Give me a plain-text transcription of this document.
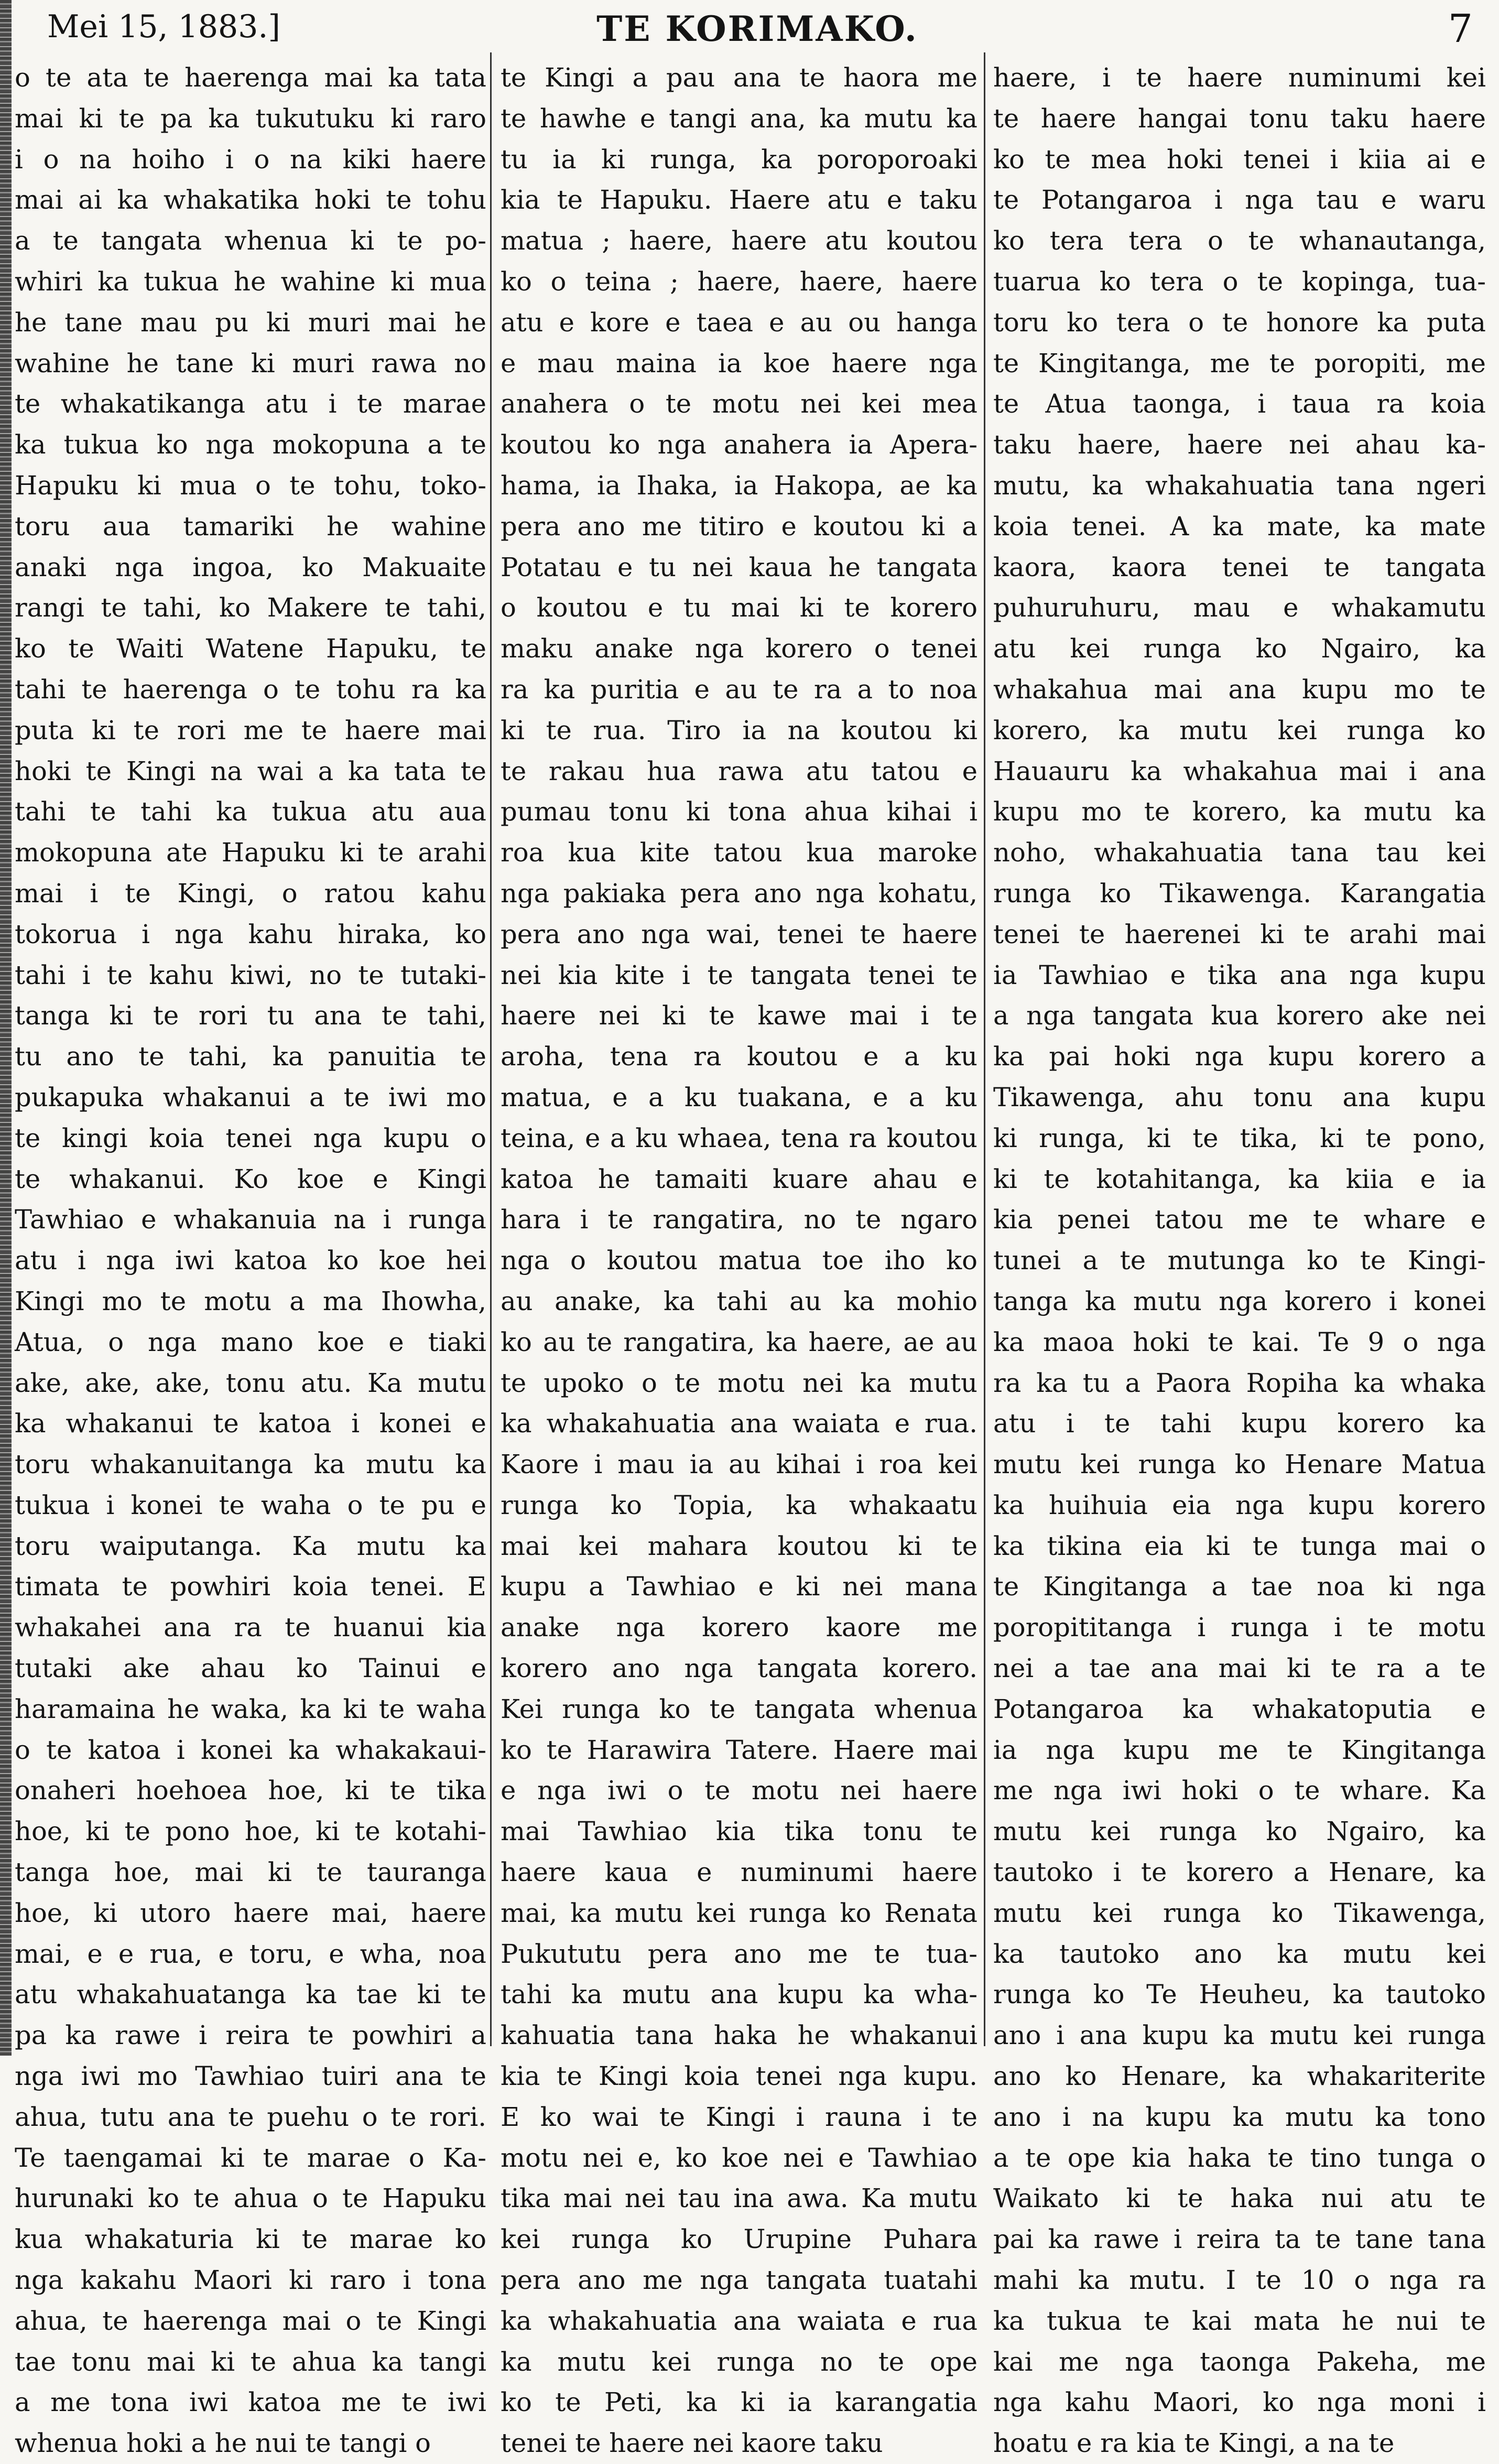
Mei 15, 1883.]	TE KORIMAKO.	7
o te ata te haerenga mai ka tata
mai ki te pa ka tukutuku ki raro
i o na hoiho i o na kiki haere
mai ai ka whakatika hoki te tohu
a te tangata whenua ki te po-
whiri ka tukua he wahine ki mua
he tane mau pu ki muri mai he
wahine he tane ki muri rawa no
te whakatikanga atu i te marae
ka tukua ko nga mokopuna a te
Hapuku ki mua o te tohu, toko-
toru aua tamariki he wahine
anaki nga ingoa, ko Makuaite
rangi te tahi, ko Makere te tahi,
ko te Waiti Watene Hapuku, te
tahi te haerenga o te tohu ra ka
puta ki te rori me te haere mai
hoki te Kingi na wai a ka tata te
tahi te tahi ka tukua atu aua
mokopuna ate Hapuku ki te arahi
mai i te Kingi, o ratou kahu
tokorua i nga kahu hiraka, ko
tahi i te kahu kiwi, no te tutaki-
tanga ki te rori tu ana te tahi,
tu ano te tahi, ka panuitia te
pukapuka whakanui a te iwi mo
te kingi koia tenei nga kupu o
te whakanui. Ko koe e Kingi
Tawhiao e whakanuia na i runga
atu i nga iwi katoa ko koe hei
Kingi mo te motu a ma Ihowha,
Atua, o nga mano koe e tiaki
ake, ake, ake, tonu atu. Ka mutu
ka whakanui te katoa i konei e
toru whakanuitanga ka mutu ka
tukua i konei te waha o te pu e
toru waiputanga. Ka mutu ka
timata te powhiri koia tenei. E
whakahei ana ra te huanui kia
tutaki ake ahau ko Tainui e
haramaina he waka, ka ki te waha
o te katoa i konei ka whakakaui-
onaheri hoehoea hoe, ki te tika
hoe, ki te pono hoe, ki te kotahi-
tanga hoe, mai ki te tauranga
hoe, ki utoro haere mai, haere
mai, e e rua, e toru, e wha, noa
atu whakahuatanga ka tae ki te
pa ka rawe i reira te powhiri a
nga iwi mo Tawhiao tuiri ana te
ahua, tutu ana te puehu o te rori.
Te taengamai ki te marae o Ka-
hurunaki ko te ahua o te Hapuku
kua whakaturia ki te marae ko
nga kakahu Maori ki raro i tona
ahua, te haerenga mai o te Kingi
tae tonu mai ki te ahua ka tangi
a me tona iwi katoa me te iwi
whenua hoki a he nui te tangi o
te Kingi a pau ana te haora me
te hawhe e tangi ana, ka mutu ka
tu ia ki runga, ka poroporoaki
kia te Hapuku. Haere atu e taku
matua ; haere, haere atu koutou
ko o teina ; haere, haere, haere
atu e kore e taea e au ou hanga
e mau maina ia koe haere nga
anahera o te motu nei kei mea
koutou ko nga anahera ia Apera-
hama, ia Ihaka, ia Hakopa, ae ka
pera ano me titiro e koutou ki a
Potatau e tu nei kaua he tangata
o koutou e tu mai ki te korero
maku anake nga korero o tenei
ra ka puritia e au te ra a to noa
ki te rua. Tiro ia na koutou ki
te rakau hua rawa atu tatou e
pumau tonu ki tona ahua kihai i
roa kua kite tatou kua maroke
nga pakiaka pera ano nga kohatu,
pera ano nga wai, tenei te haere
nei kia kite i te tangata tenei te
haere nei ki te kawe mai i te
aroha, tena ra koutou e a ku
matua, e a ku tuakana, e a ku
teina, e a ku whaea, tena ra koutou
katoa he tamaiti kuare ahau e
hara i te rangatira, no te ngaro
nga o koutou matua toe iho ko
au anake, ka tahi au ka mohio
ko au te rangatira, ka haere, ae au
te upoko o te motu nei ka mutu
ka whakahuatia ana waiata e rua.
Kaore i mau ia au kihai i roa kei
runga ko Topia, ka whakaatu
mai kei mahara koutou ki te
kupu a Tawhiao e ki nei mana
anake nga korero kaore me
korero ano nga tangata korero.
Kei runga ko te tangata whenua
ko te Harawira Tatere. Haere mai
e nga iwi o te motu nei haere
mai Tawhiao kia tika tonu te
haere kaua e numinumi haere
mai, ka mutu kei runga ko Renata
Pukututu pera ano me te tua-
tahi ka mutu ana kupu ka wha-
kahuatia tana haka he whakanui
kia te Kingi koia tenei nga kupu.
E ko wai te Kingi i rauna i te
motu nei e, ko koe nei e Tawhiao
tika mai nei tau ina awa. Ka mutu
kei runga ko Urupine Puhara
pera ano me nga tangata tuatahi
ka whakahuatia ana waiata e rua
ka mutu kei runga no te ope
ko te Peti, ka ki ia karangatia
tenei te haere nei kaore taku
haere, i te haere numinumi kei
te haere hangai tonu taku haere
ko te mea hoki tenei i kiia ai e
te Potangaroa i nga tau e waru
ko tera tera o te whanautanga,
tuarua ko tera o te kopinga, tua-
toru ko tera o te honore ka puta
te Kingitanga, me te poropiti, me
te Atua taonga, i taua ra koia
taku haere, haere nei ahau ka-
mutu, ka whakahuatia tana ngeri
koia tenei. A ka mate, ka mate
kaora, kaora tenei te tangata
puhuruhuru, mau e whakamutu
atu kei runga ko Ngairo, ka
whakahua mai ana kupu mo te
korero, ka mutu kei runga ko
Hauauru ka whakahua mai i ana
kupu mo te korero, ka mutu ka
noho, whakahuatia tana tau kei
runga ko Tikawenga. Karangatia
tenei te haerenei ki te arahi mai
ia Tawhiao e tika ana nga kupu
a nga tangata kua korero ake nei
ka pai hoki nga kupu korero a
Tikawenga, ahu tonu ana kupu
ki runga, ki te tika, ki te pono,
ki te kotahitanga, ka kiia e ia
kia penei tatou me te whare e
tunei a te mutunga ko te Kingi-
tanga ka mutu nga korero i konei
ka maoa hoki te kai. Te 9 o nga
ra ka tu a Paora Ropiha ka whaka
atu i te tahi kupu korero ka
mutu kei runga ko Henare Matua
ka huihuia eia nga kupu korero
ka tikina eia ki te tunga mai o
te Kingitanga a tae noa ki nga
poropititanga i runga i te motu
nei a tae ana mai ki te ra a te
Potangaroa ka whakatoputia e
ia nga kupu me te Kingitanga
me nga iwi hoki o te whare. Ka
mutu kei runga ko Ngairo, ka
tautoko i te korero a Henare, ka
mutu kei runga ko Tikawenga,
ka tautoko ano ka mutu kei
runga ko Te Heuheu, ka tautoko
ano i ana kupu ka mutu kei runga
ano ko Henare, ka whakariterite
ano i na kupu ka mutu ka tono
a te ope kia haka te tino tunga o
Waikato ki te haka nui atu te
pai ka rawe i reira ta te tane tana
mahi ka mutu. I te 10 o nga ra
ka tukua te kai mata he nui te
kai me nga taonga Pakeha, me
nga kahu Maori, ko nga moni i
hoatu e ra kia te Kingi, a na te
